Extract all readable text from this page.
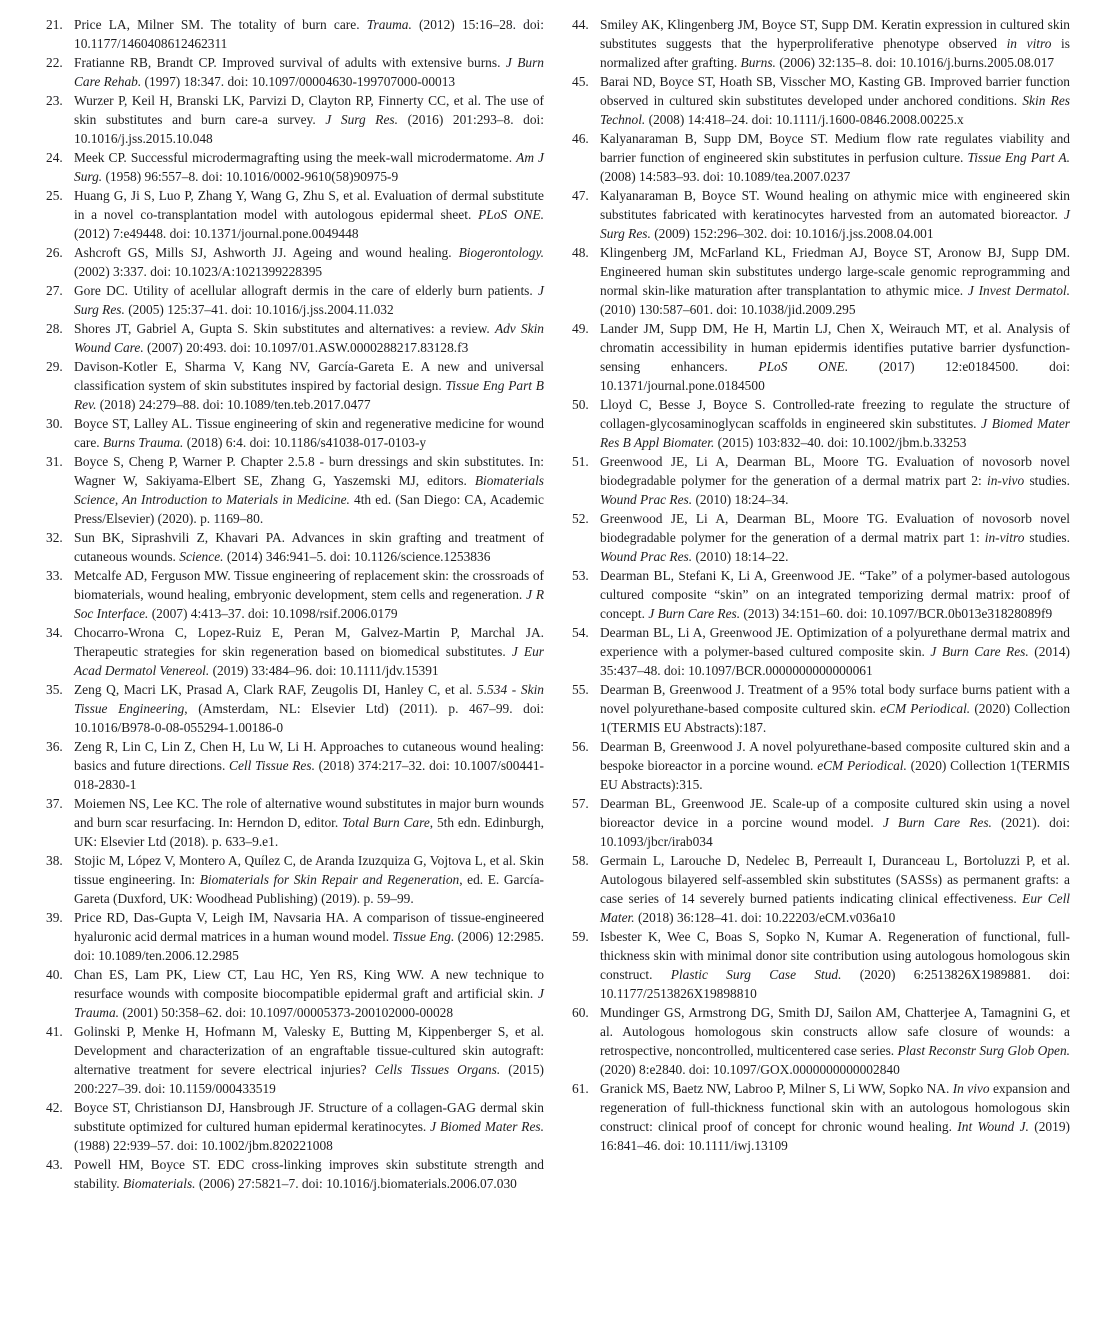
21. Price LA, Milner SM. The totality of burn care. Trauma. (2012) 15:16–28. doi: 10.1177/1460408612462311
22. Fratianne RB, Brandt CP. Improved survival of adults with extensive burns. J Burn Care Rehab. (1997) 18:347. doi: 10.1097/00004630-199707000-00013
23. Wurzer P, Keil H, Branski LK, Parvizi D, Clayton RP, Finnerty CC, et al. The use of skin substitutes and burn care-a survey. J Surg Res. (2016) 201:293–8. doi: 10.1016/j.jss.2015.10.048
24. Meek CP. Successful microdermagrafting using the meek-wall microdermatome. Am J Surg. (1958) 96:557–8. doi: 10.1016/0002-9610(58)90975-9
25. Huang G, Ji S, Luo P, Zhang Y, Wang G, Zhu S, et al. Evaluation of dermal substitute in a novel co-transplantation model with autologous epidermal sheet. PLoS ONE. (2012) 7:e49448. doi: 10.1371/journal.pone.0049448
26. Ashcroft GS, Mills SJ, Ashworth JJ. Ageing and wound healing. Biogerontology. (2002) 3:337. doi: 10.1023/A:1021399228395
27. Gore DC. Utility of acellular allograft dermis in the care of elderly burn patients. J Surg Res. (2005) 125:37–41. doi: 10.1016/j.jss.2004.11.032
28. Shores JT, Gabriel A, Gupta S. Skin substitutes and alternatives: a review. Adv Skin Wound Care. (2007) 20:493. doi: 10.1097/01.ASW.0000288217.83128.f3
29. Davison-Kotler E, Sharma V, Kang NV, García-Gareta E. A new and universal classification system of skin substitutes inspired by factorial design. Tissue Eng Part B Rev. (2018) 24:279–88. doi: 10.1089/ten.teb.2017.0477
30. Boyce ST, Lalley AL. Tissue engineering of skin and regenerative medicine for wound care. Burns Trauma. (2018) 6:4. doi: 10.1186/s41038-017-0103-y
31. Boyce S, Cheng P, Warner P. Chapter 2.5.8 - burn dressings and skin substitutes. In: Wagner W, Sakiyama-Elbert SE, Zhang G, Yaszemski MJ, editors. Biomaterials Science, An Introduction to Materials in Medicine. 4th ed. (San Diego: CA, Academic Press/Elsevier) (2020). p. 1169–80.
32. Sun BK, Siprashvili Z, Khavari PA. Advances in skin grafting and treatment of cutaneous wounds. Science. (2014) 346:941–5. doi: 10.1126/science.1253836
33. Metcalfe AD, Ferguson MW. Tissue engineering of replacement skin: the crossroads of biomaterials, wound healing, embryonic development, stem cells and regeneration. J R Soc Interface. (2007) 4:413–37. doi: 10.1098/rsif.2006.0179
34. Chocarro-Wrona C, Lopez-Ruiz E, Peran M, Galvez-Martin P, Marchal JA. Therapeutic strategies for skin regeneration based on biomedical substitutes. J Eur Acad Dermatol Venereol. (2019) 33:484–96. doi: 10.1111/jdv.15391
35. Zeng Q, Macri LK, Prasad A, Clark RAF, Zeugolis DI, Hanley C, et al. 5.534 - Skin Tissue Engineering, (Amsterdam, NL: Elsevier Ltd) (2011). p. 467–99. doi: 10.1016/B978-0-08-055294-1.00186-0
36. Zeng R, Lin C, Lin Z, Chen H, Lu W, Li H. Approaches to cutaneous wound healing: basics and future directions. Cell Tissue Res. (2018) 374:217–32. doi: 10.1007/s00441-018-2830-1
37. Moiemen NS, Lee KC. The role of alternative wound substitutes in major burn wounds and burn scar resurfacing. In: Herndon D, editor. Total Burn Care, 5th edn. Edinburgh, UK: Elsevier Ltd (2018). p. 633–9.e1.
38. Stojic M, López V, Montero A, Quílez C, de Aranda Izuzquiza G, Vojtova L, et al. Skin tissue engineering. In: Biomaterials for Skin Repair and Regeneration, ed. E. García-Gareta (Duxford, UK: Woodhead Publishing) (2019). p. 59–99.
39. Price RD, Das-Gupta V, Leigh IM, Navsaria HA. A comparison of tissue-engineered hyaluronic acid dermal matrices in a human wound model. Tissue Eng. (2006) 12:2985. doi: 10.1089/ten.2006.12.2985
40. Chan ES, Lam PK, Liew CT, Lau HC, Yen RS, King WW. A new technique to resurface wounds with composite biocompatible epidermal graft and artificial skin. J Trauma. (2001) 50:358–62. doi: 10.1097/00005373-200102000-00028
41. Golinski P, Menke H, Hofmann M, Valesky E, Butting M, Kippenberger S, et al. Development and characterization of an engraftable tissue-cultured skin autograft: alternative treatment for severe electrical injuries? Cells Tissues Organs. (2015) 200:227–39. doi: 10.1159/000433519
42. Boyce ST, Christianson DJ, Hansbrough JF. Structure of a collagen-GAG dermal skin substitute optimized for cultured human epidermal keratinocytes. J Biomed Mater Res. (1988) 22:939–57. doi: 10.1002/jbm.820221008
43. Powell HM, Boyce ST. EDC cross-linking improves skin substitute strength and stability. Biomaterials. (2006) 27:5821–7. doi: 10.1016/j.biomaterials.2006.07.030
44. Smiley AK, Klingenberg JM, Boyce ST, Supp DM. Keratin expression in cultured skin substitutes suggests that the hyperproliferative phenotype observed in vitro is normalized after grafting. Burns. (2006) 32:135–8. doi: 10.1016/j.burns.2005.08.017
45. Barai ND, Boyce ST, Hoath SB, Visscher MO, Kasting GB. Improved barrier function observed in cultured skin substitutes developed under anchored conditions. Skin Res Technol. (2008) 14:418–24. doi: 10.1111/j.1600-0846.2008.00225.x
46. Kalyanaraman B, Supp DM, Boyce ST. Medium flow rate regulates viability and barrier function of engineered skin substitutes in perfusion culture. Tissue Eng Part A. (2008) 14:583–93. doi: 10.1089/tea.2007.0237
47. Kalyanaraman B, Boyce ST. Wound healing on athymic mice with engineered skin substitutes fabricated with keratinocytes harvested from an automated bioreactor. J Surg Res. (2009) 152:296–302. doi: 10.1016/j.jss.2008.04.001
48. Klingenberg JM, McFarland KL, Friedman AJ, Boyce ST, Aronow BJ, Supp DM. Engineered human skin substitutes undergo large-scale genomic reprogramming and normal skin-like maturation after transplantation to athymic mice. J Invest Dermatol. (2010) 130:587–601. doi: 10.1038/jid.2009.295
49. Lander JM, Supp DM, He H, Martin LJ, Chen X, Weirauch MT, et al. Analysis of chromatin accessibility in human epidermis identifies putative barrier dysfunction-sensing enhancers. PLoS ONE. (2017) 12:e0184500. doi: 10.1371/journal.pone.0184500
50. Lloyd C, Besse J, Boyce S. Controlled-rate freezing to regulate the structure of collagen-glycosaminoglycan scaffolds in engineered skin substitutes. J Biomed Mater Res B Appl Biomater. (2015) 103:832–40. doi: 10.1002/jbm.b.33253
51. Greenwood JE, Li A, Dearman BL, Moore TG. Evaluation of novosorb novel biodegradable polymer for the generation of a dermal matrix part 2: in-vivo studies. Wound Prac Res. (2010) 18:24–34.
52. Greenwood JE, Li A, Dearman BL, Moore TG. Evaluation of novosorb novel biodegradable polymer for the generation of a dermal matrix part 1: in-vitro studies. Wound Prac Res. (2010) 18:14–22.
53. Dearman BL, Stefani K, Li A, Greenwood JE. “Take” of a polymer-based autologous cultured composite “skin” on an integrated temporizing dermal matrix: proof of concept. J Burn Care Res. (2013) 34:151–60. doi: 10.1097/BCR.0b013e31828089f9
54. Dearman BL, Li A, Greenwood JE. Optimization of a polyurethane dermal matrix and experience with a polymer-based cultured composite skin. J Burn Care Res. (2014) 35:437–48. doi: 10.1097/BCR.0000000000000061
55. Dearman B, Greenwood J. Treatment of a 95% total body surface burns patient with a novel polyurethane-based composite cultured skin. eCM Periodical. (2020) Collection 1(TERMIS EU Abstracts):187.
56. Dearman B, Greenwood J. A novel polyurethane-based composite cultured skin and a bespoke bioreactor in a porcine wound. eCM Periodical. (2020) Collection 1(TERMIS EU Abstracts):315.
57. Dearman BL, Greenwood JE. Scale-up of a composite cultured skin using a novel bioreactor device in a porcine wound model. J Burn Care Res. (2021). doi: 10.1093/jbcr/irab034
58. Germain L, Larouche D, Nedelec B, Perreault I, Duranceau L, Bortoluzzi P, et al. Autologous bilayered self-assembled skin substitutes (SASSs) as permanent grafts: a case series of 14 severely burned patients indicating clinical effectiveness. Eur Cell Mater. (2018) 36:128–41. doi: 10.22203/eCM.v036a10
59. Isbester K, Wee C, Boas S, Sopko N, Kumar A. Regeneration of functional, full-thickness skin with minimal donor site contribution using autologous homologous skin construct. Plastic Surg Case Stud. (2020) 6:2513826X1989881. doi: 10.1177/2513826X19898810
60. Mundinger GS, Armstrong DG, Smith DJ, Sailon AM, Chatterjee A, Tamagnini G, et al. Autologous homologous skin constructs allow safe closure of wounds: a retrospective, noncontrolled, multicentered case series. Plast Reconstr Surg Glob Open. (2020) 8:e2840. doi: 10.1097/GOX.0000000000002840
61. Granick MS, Baetz NW, Labroo P, Milner S, Li WW, Sopko NA. In vivo expansion and regeneration of full-thickness functional skin with an autologous homologous skin construct: clinical proof of concept for chronic wound healing. Int Wound J. (2019) 16:841–46. doi: 10.1111/iwj.13109
